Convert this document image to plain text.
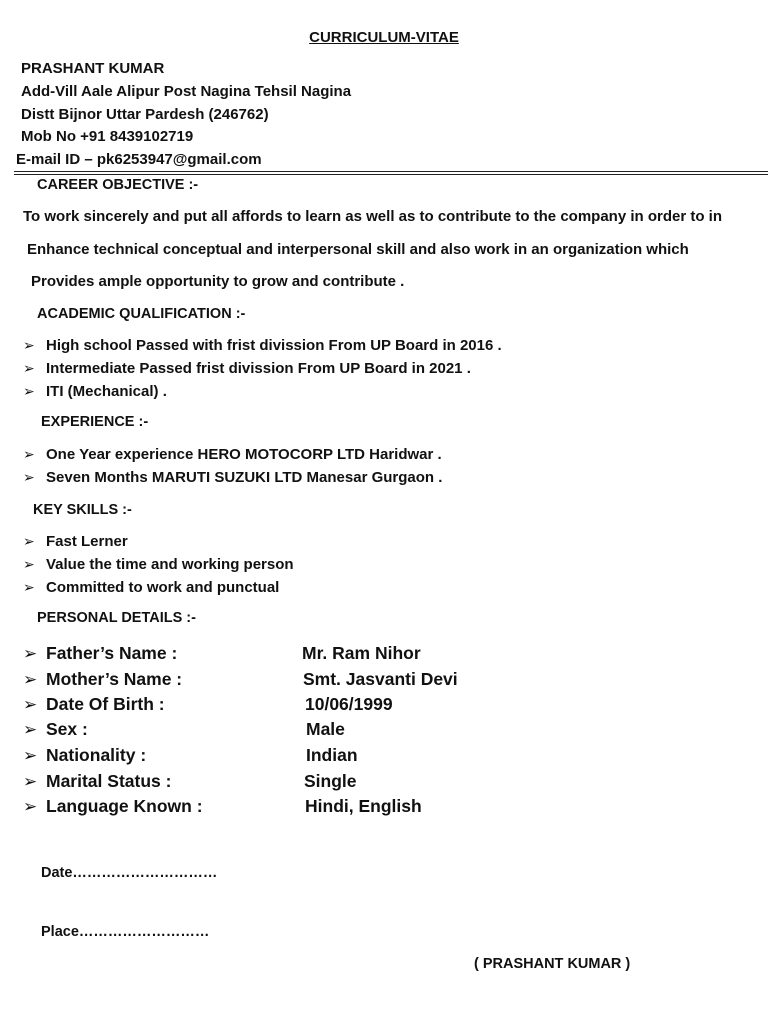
CURRICULUM-VITAE
PRASHANT KUMAR
Add-Vill Aale Alipur Post Nagina Tehsil Nagina
Distt Bijnor Uttar Pardesh (246762)
Mob No +91 8439102719
E-mail ID – pk6253947@gmail.com
CAREER OBJECTIVE :-
To work sincerely and put all affords to learn as well as to contribute to the company in order to in
Enhance technical conceptual and interpersonal skill and also work in an organization which
Provides ample opportunity to grow and contribute .
ACADEMIC QUALIFICATION :-
➢ High school Passed with frist divission From UP Board in 2016 .
➢ Intermediate Passed frist divission From UP Board in 2021 .
➢ ITI (Mechanical) .
EXPERIENCE :-
➢ One Year experience HERO MOTOCORP LTD Haridwar .
➢ Seven Months MARUTI SUZUKI LTD Manesar Gurgaon .
KEY SKILLS :-
➢ Fast Lerner
➢ Value the time and working person
➢ Committed to work and punctual
PERSONAL DETAILS :-
➢ Father’s Name :	Mr. Ram Nihor
➢ Mother’s Name :	Smt. Jasvanti Devi
➢ Date Of Birth :	10/06/1999
➢ Sex :	Male
➢ Nationality :	Indian
➢ Marital Status :	Single
➢ Language Known :	Hindi, English
Date…………………………
Place………………………
( PRASHANT KUMAR )
